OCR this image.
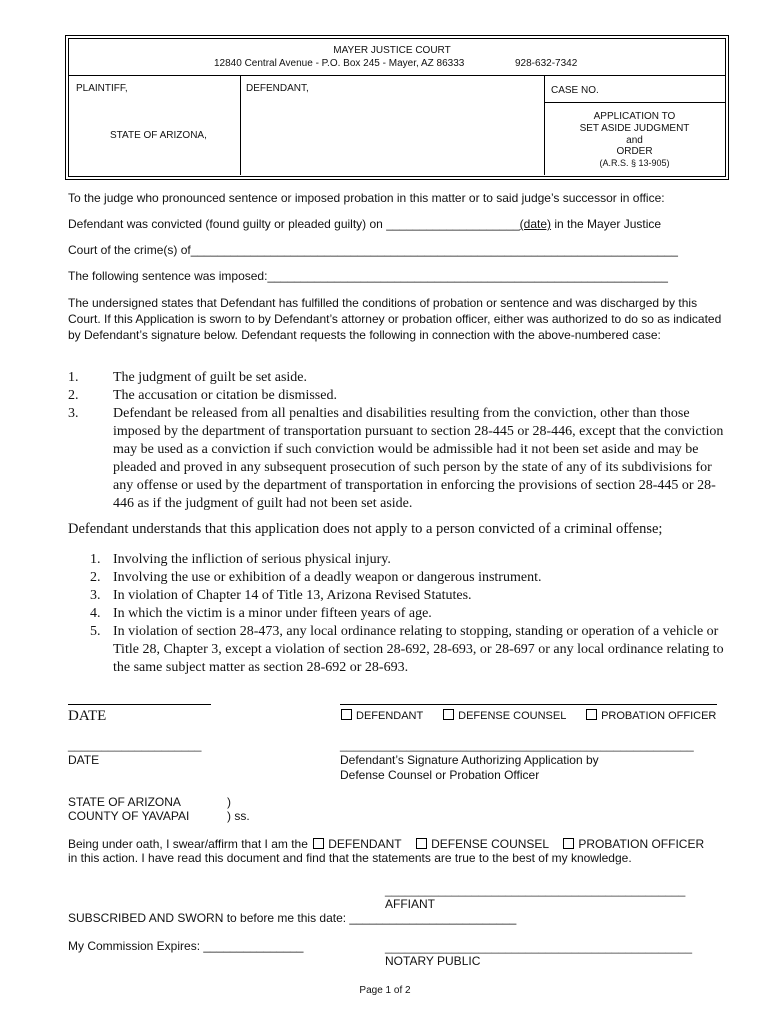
MAYER JUSTICE COURT
12840 Central Avenue - P.O. Box 245 - Mayer, AZ 86333	928-632-7342
PLAINTIFF,	DEFENDANT,	CASE NO.
STATE OF ARIZONA,
APPLICATION TO
SET ASIDE JUDGMENT
and
ORDER
(A.R.S. § 13-905)
To the judge who pronounced sentence or imposed probation in this matter or to said judge’s successor in office:
Defendant was convicted (found guilty or pleaded guilty) on ____________________(date) in the Mayer Justice
Court of the crime(s) of_________________________________________________________________________
The following sentence was imposed:____________________________________________________________
The undersigned states that Defendant has fulfilled the conditions of probation or sentence and was discharged by this Court. If this Application is sworn to by Defendant’s attorney or probation officer, either was authorized to do so as indicated by Defendant’s signature below. Defendant requests the following in connection with the above-numbered case:
1. The judgment of guilt be set aside.
2. The accusation or citation be dismissed.
3. Defendant be released from all penalties and disabilities resulting from the conviction, other than those imposed by the department of transportation pursuant to section 28-445 or 28-446, except that the conviction may be used as a conviction if such conviction would be admissible had it not been set aside and may be pleaded and proved in any subsequent prosecution of such person by the state of any of its subdivisions for any offense or used by the department of transportation in enforcing the provisions of section 28-445 or 28-446 as if the judgment of guilt had not been set aside.
Defendant understands that this application does not apply to a person convicted of a criminal offense;
1. Involving the infliction of serious physical injury.
2. Involving the use or exhibition of a deadly weapon or dangerous instrument.
3. In violation of Chapter 14 of Title 13, Arizona Revised Statutes.
4. In which the victim is a minor under fifteen years of age.
5. In violation of section 28-473, any local ordinance relating to stopping, standing or operation of a vehicle or Title 28, Chapter 3, except a violation of section 28-692, 28-693, or 28-697 or any local ordinance relating to the same subject matter as section 28-692 or 28-693.
DATE	DEFENDANT	DEFENSE COUNSEL	PROBATION OFFICER
____________________
DATE
_____________________________________________________
Defendant’s Signature Authorizing Application by
Defense Counsel or Probation Officer
STATE OF ARIZONA	)
COUNTY OF YAVAPAI	) ss.
Being under oath, I swear/affirm that I am the DEFENDANT DEFENSE COUNSEL PROBATION OFFICER
in this action. I have read this document and find that the statements are true to the best of my knowledge.
_____________________________________________
AFFIANT
SUBSCRIBED AND SWORN to before me this date: _________________________
My Commission Expires: _______________	______________________________________________
NOTARY PUBLIC
Page 1 of 2
